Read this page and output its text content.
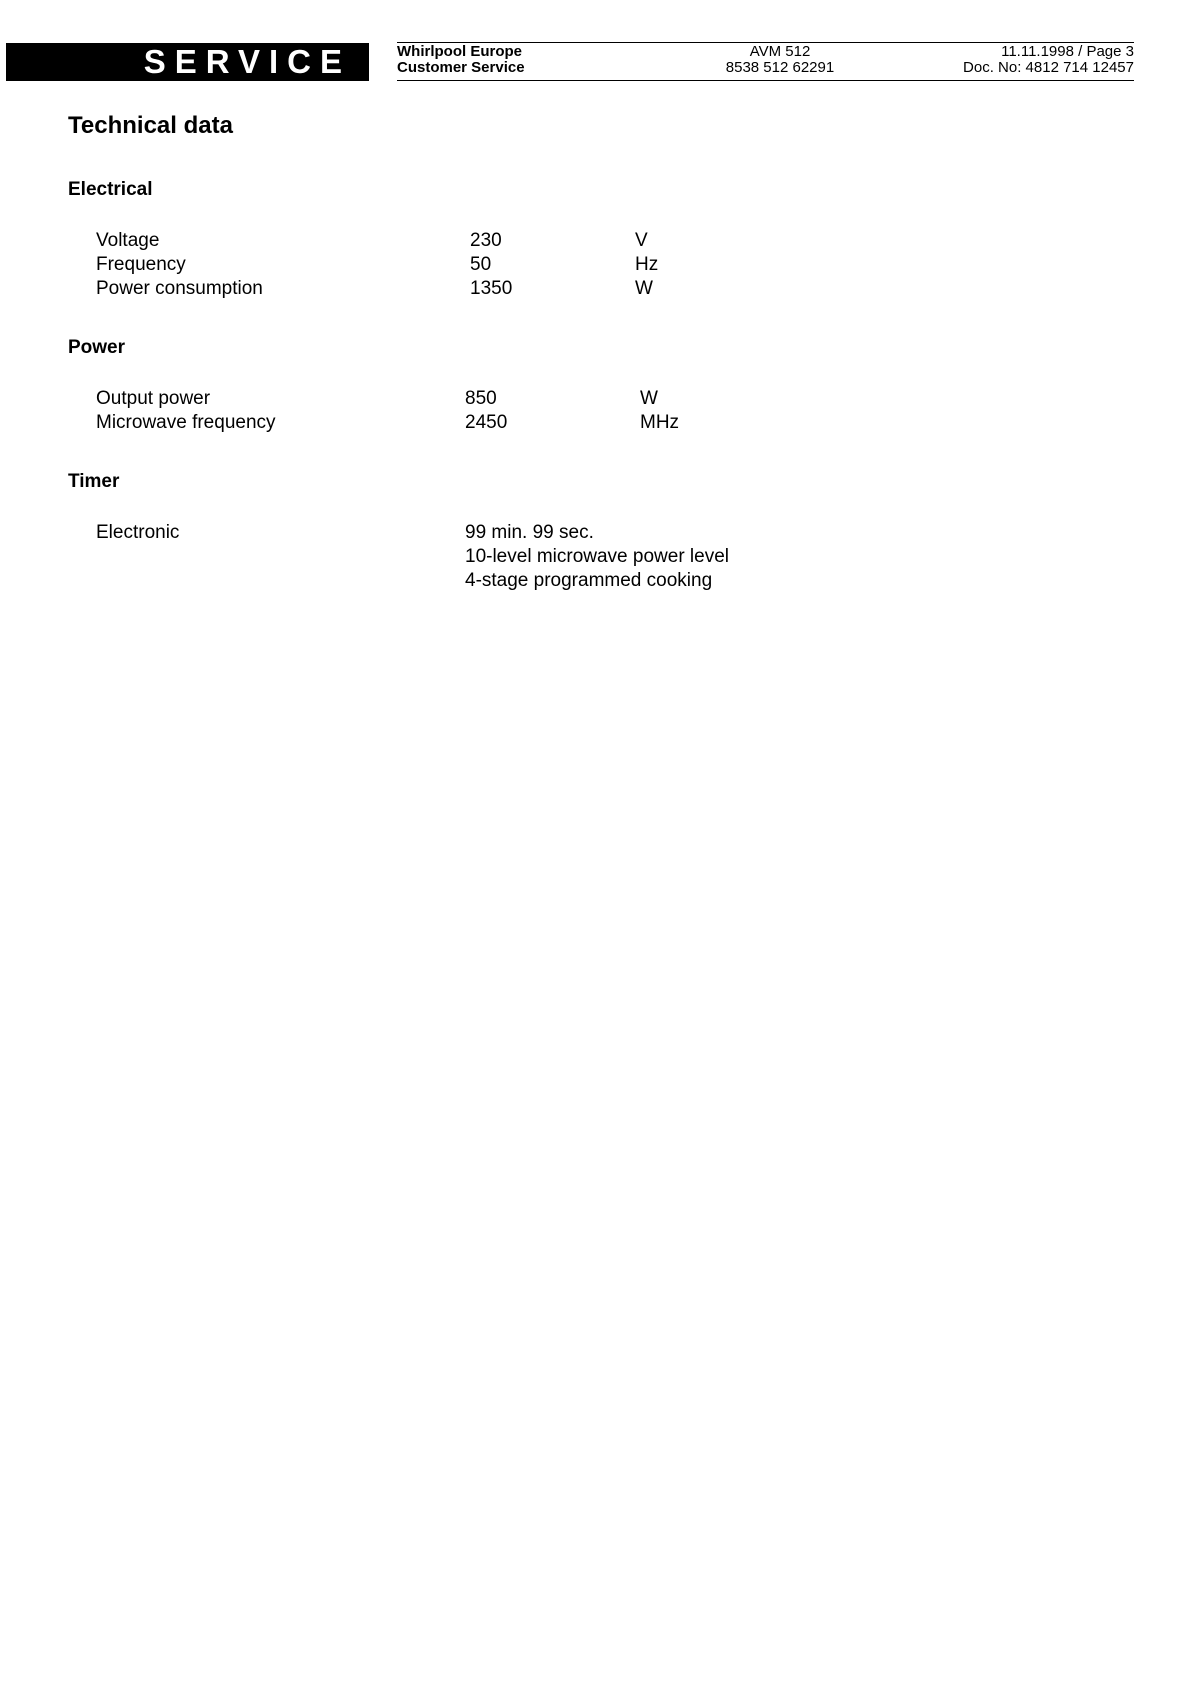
SERVICE	Whirlpool Europe
Customer Service
AVM 512
8538 512 62291
11.11.1998 / Page 3
Doc. No: 4812 714 12457
Technical data
Electrical
Voltage	230	V
Frequency	50	Hz
Power consumption	1350	W
Power
Output power	850	W
Microwave frequency	2450	MHz
Timer
Electronic	99 min. 99 sec.
10-level microwave power level
4-stage programmed cooking
